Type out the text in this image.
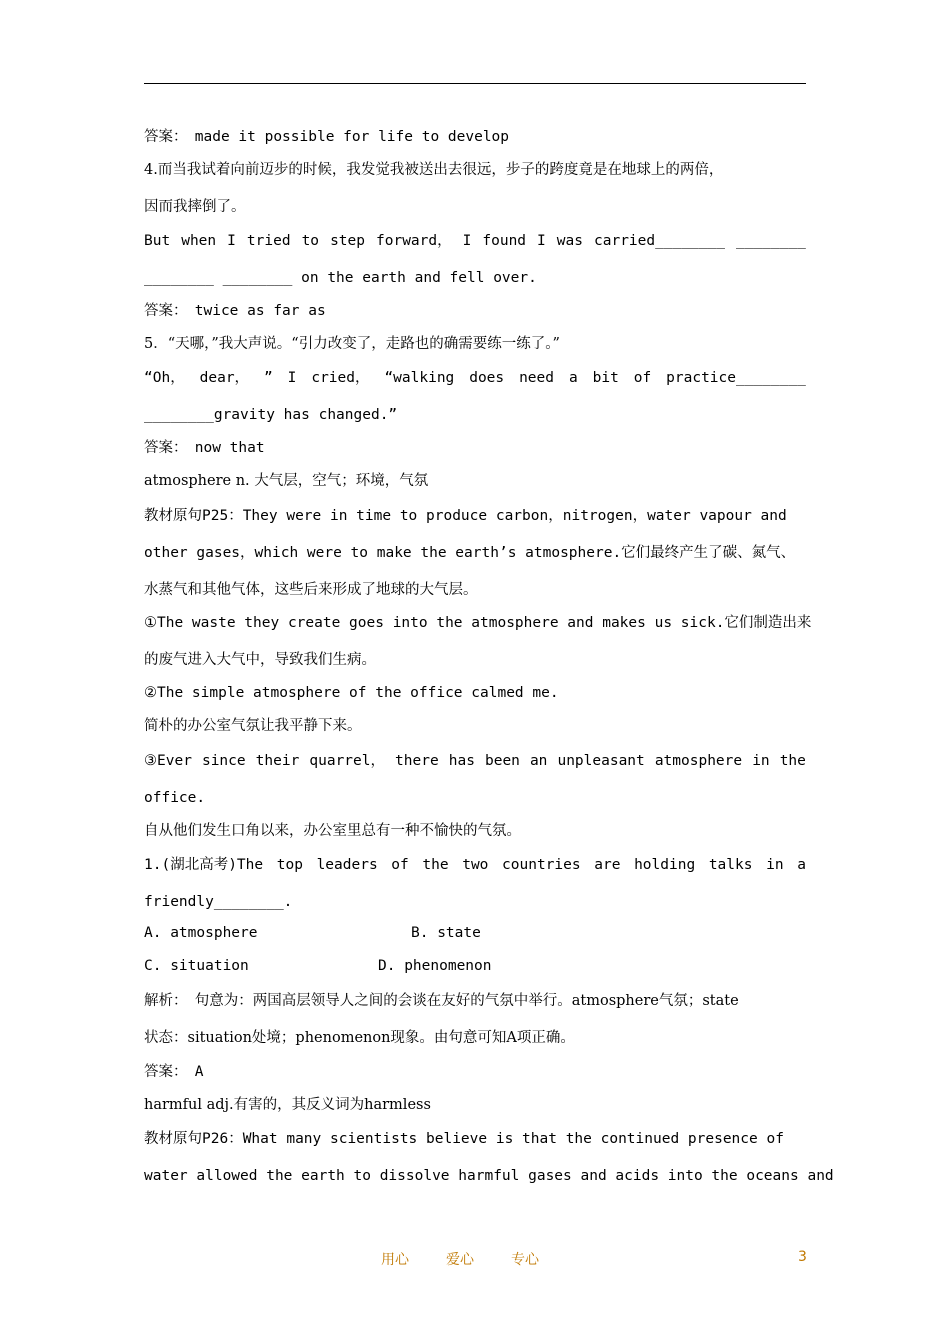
答案：　made it possible for life to develop
4.而当我试着向前迈步的时候，我发觉我被送出去很远，步子的跨度竟是在地球上的两倍，
因而我摔倒了。
But when I tried to step forward， I found I was carried________ ________
________ ________ on the earth and fell over.
答案：　twice as far as
5．“天哪，”我大声说。“引力改变了，走路也的确需要练一练了。”
“Oh， dear， ” I cried， “walking does need a bit of practice________
________gravity has changed.”
答案：　now that
atmosphere n. 大气层，空气；环境，气氛
教材原句P25：They were in time to produce carbon，nitrogen，water vapour and
other gases，which were to make the earth’s atmosphere.它们最终产生了碳、氮气、
水蒸气和其他气体，这些后来形成了地球的大气层。
①The waste they create goes into the atmosphere and makes us sick.它们制造出来
的废气进入大气中，导致我们生病。
②The simple atmosphere of the office calmed me.
简朴的办公室气氛让我平静下来。
③Ever since their quarrel， there has been an unpleasant atmosphere in the
office.
自从他们发生口角以来，办公室里总有一种不愉快的气氛。
1.(湖北高考)The top leaders of the two countries are holding talks in a
friendly________.
A. atmosphere	B. state
C. situation	D. phenomenon
解析：　句意为：两国高层领导人之间的会谈在友好的气氛中举行。atmosphere气氛；state
状态：situation处境；phenomenon现象。由句意可知A项正确。
答案：　A
harmful adj.有害的，其反义词为harmless
教材原句P26：What many scientists believe is that the continued presence of
water allowed the earth to dissolve harmful gases and acids into the oceans and
用心	爱心	专心	3
